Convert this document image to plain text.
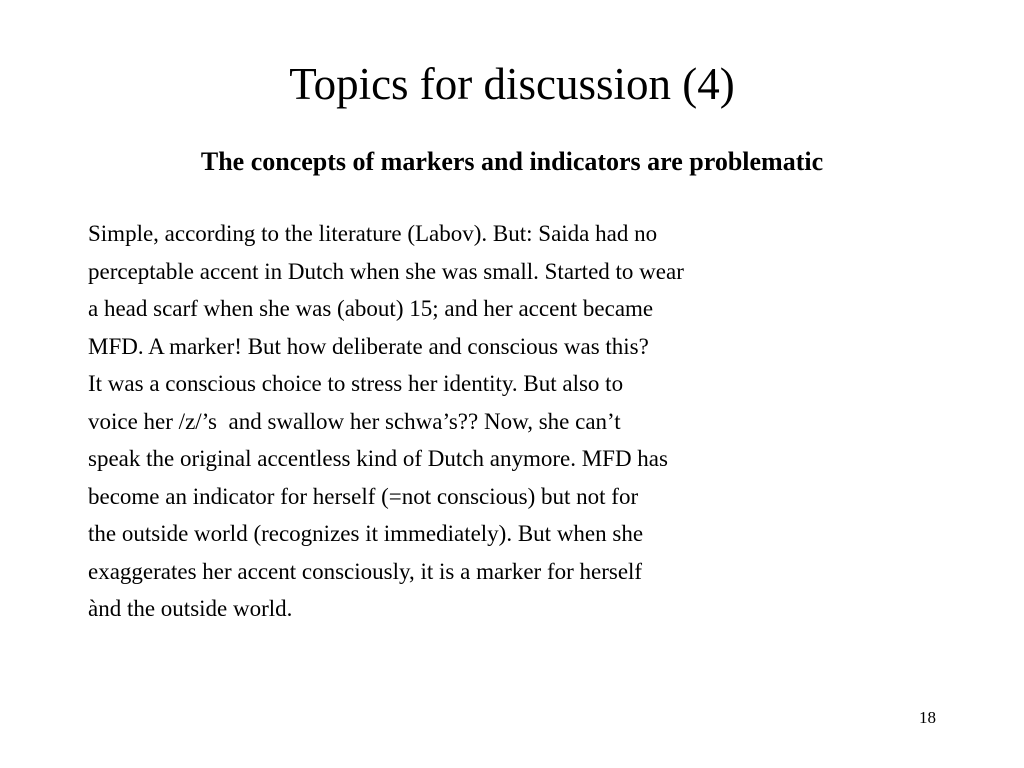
Topics for discussion (4)
The concepts of markers and indicators are problematic
Simple, according to the literature (Labov). But: Saida had no
perceptable accent in Dutch when she was small. Started to wear
a head scarf when she was (about) 15; and her accent became
MFD. A marker! But how deliberate and conscious was this?
It was a conscious choice to stress her identity. But also to
voice her /z/’s  and swallow her schwa’s?? Now, she can’t
speak the original accentless kind of Dutch anymore. MFD has
become an indicator for herself (=not conscious) but not for
the outside world (recognizes it immediately). But when she
exaggerates her accent consciously, it is a marker for herself
ànd the outside world.
18
